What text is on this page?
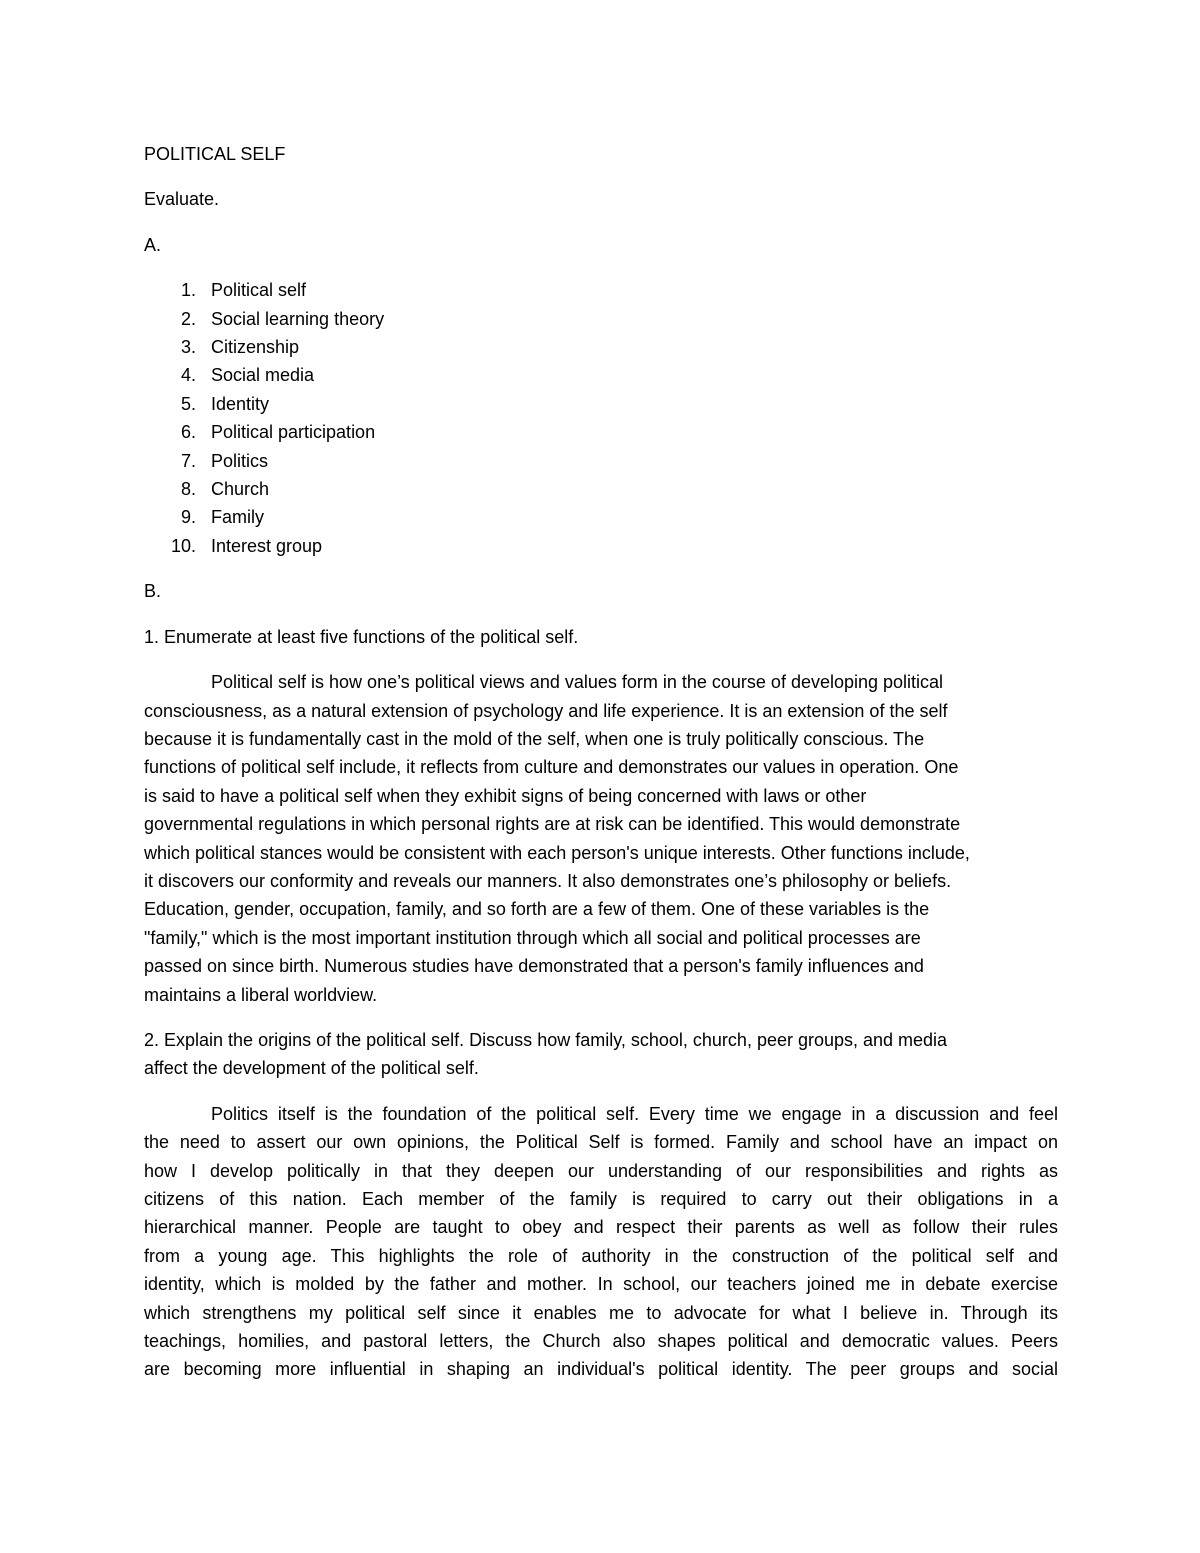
POLITICAL SELF

Evaluate.

A.

1. Political self
2. Social learning theory
3. Citizenship
4. Social media
5. Identity
6. Political participation
7. Politics
8. Church
9. Family
10. Interest group

B.

1. Enumerate at least five functions of the political self.

Political self is how one’s political views and values form in the course of developing political
consciousness, as a natural extension of psychology and life experience. It is an extension of the self
because it is fundamentally cast in the mold of the self, when one is truly politically conscious. The
functions of political self include, it reflects from culture and demonstrates our values in operation. One
is said to have a political self when they exhibit signs of being concerned with laws or other
governmental regulations in which personal rights are at risk can be identified. This would demonstrate
which political stances would be consistent with each person's unique interests. Other functions include,
it discovers our conformity and reveals our manners. It also demonstrates one’s philosophy or beliefs.
Education, gender, occupation, family, and so forth are a few of them. One of these variables is the
"family," which is the most important institution through which all social and political processes are
passed on since birth. Numerous studies have demonstrated that a person's family influences and
maintains a liberal worldview.
2. Explain the origins of the political self. Discuss how family, school, church, peer groups, and media
affect the development of the political self.
Politics itself is the foundation of the political self. Every time we engage in a discussion and feel
the need to assert our own opinions, the Political Self is formed. Family and school have an impact on
how I develop politically in that they deepen our understanding of our responsibilities and rights as
citizens of this nation. Each member of the family is required to carry out their obligations in a
hierarchical manner. People are taught to obey and respect their parents as well as follow their rules
from a young age. This highlights the role of authority in the construction of the political self and
identity, which is molded by the father and mother. In school, our teachers joined me in debate exercise
which strengthens my political self since it enables me to advocate for what I believe in. Through its
teachings, homilies, and pastoral letters, the Church also shapes political and democratic values. Peers
are becoming more influential in shaping an individual's political identity. The peer groups and social
